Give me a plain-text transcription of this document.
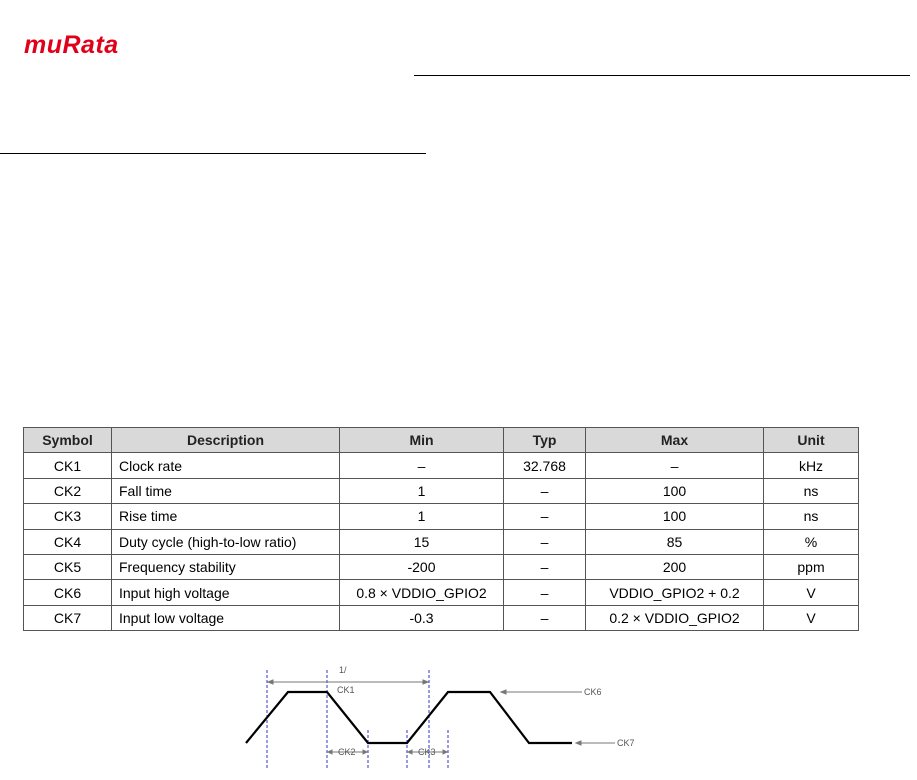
muRata
Symbol	Description	Min	Typ	Max	Unit
CK1	Clock rate	–	32.768	–	kHz
CK2	Fall time	1	–	100	ns
CK3	Rise time	1	–	100	ns
CK4	Duty cycle (high-to-low ratio)	15	–	85	%
CK5	Frequency stability	-200	–	200	ppm
CK6	Input high voltage	0.8 × VDDIO_GPIO2	–	VDDIO_GPIO2 + 0.2	V
CK7	Input low voltage	-0.3	–	0.2 × VDDIO_GPIO2	V
1/
CK1
CK2	CK3
CK6
CK7
